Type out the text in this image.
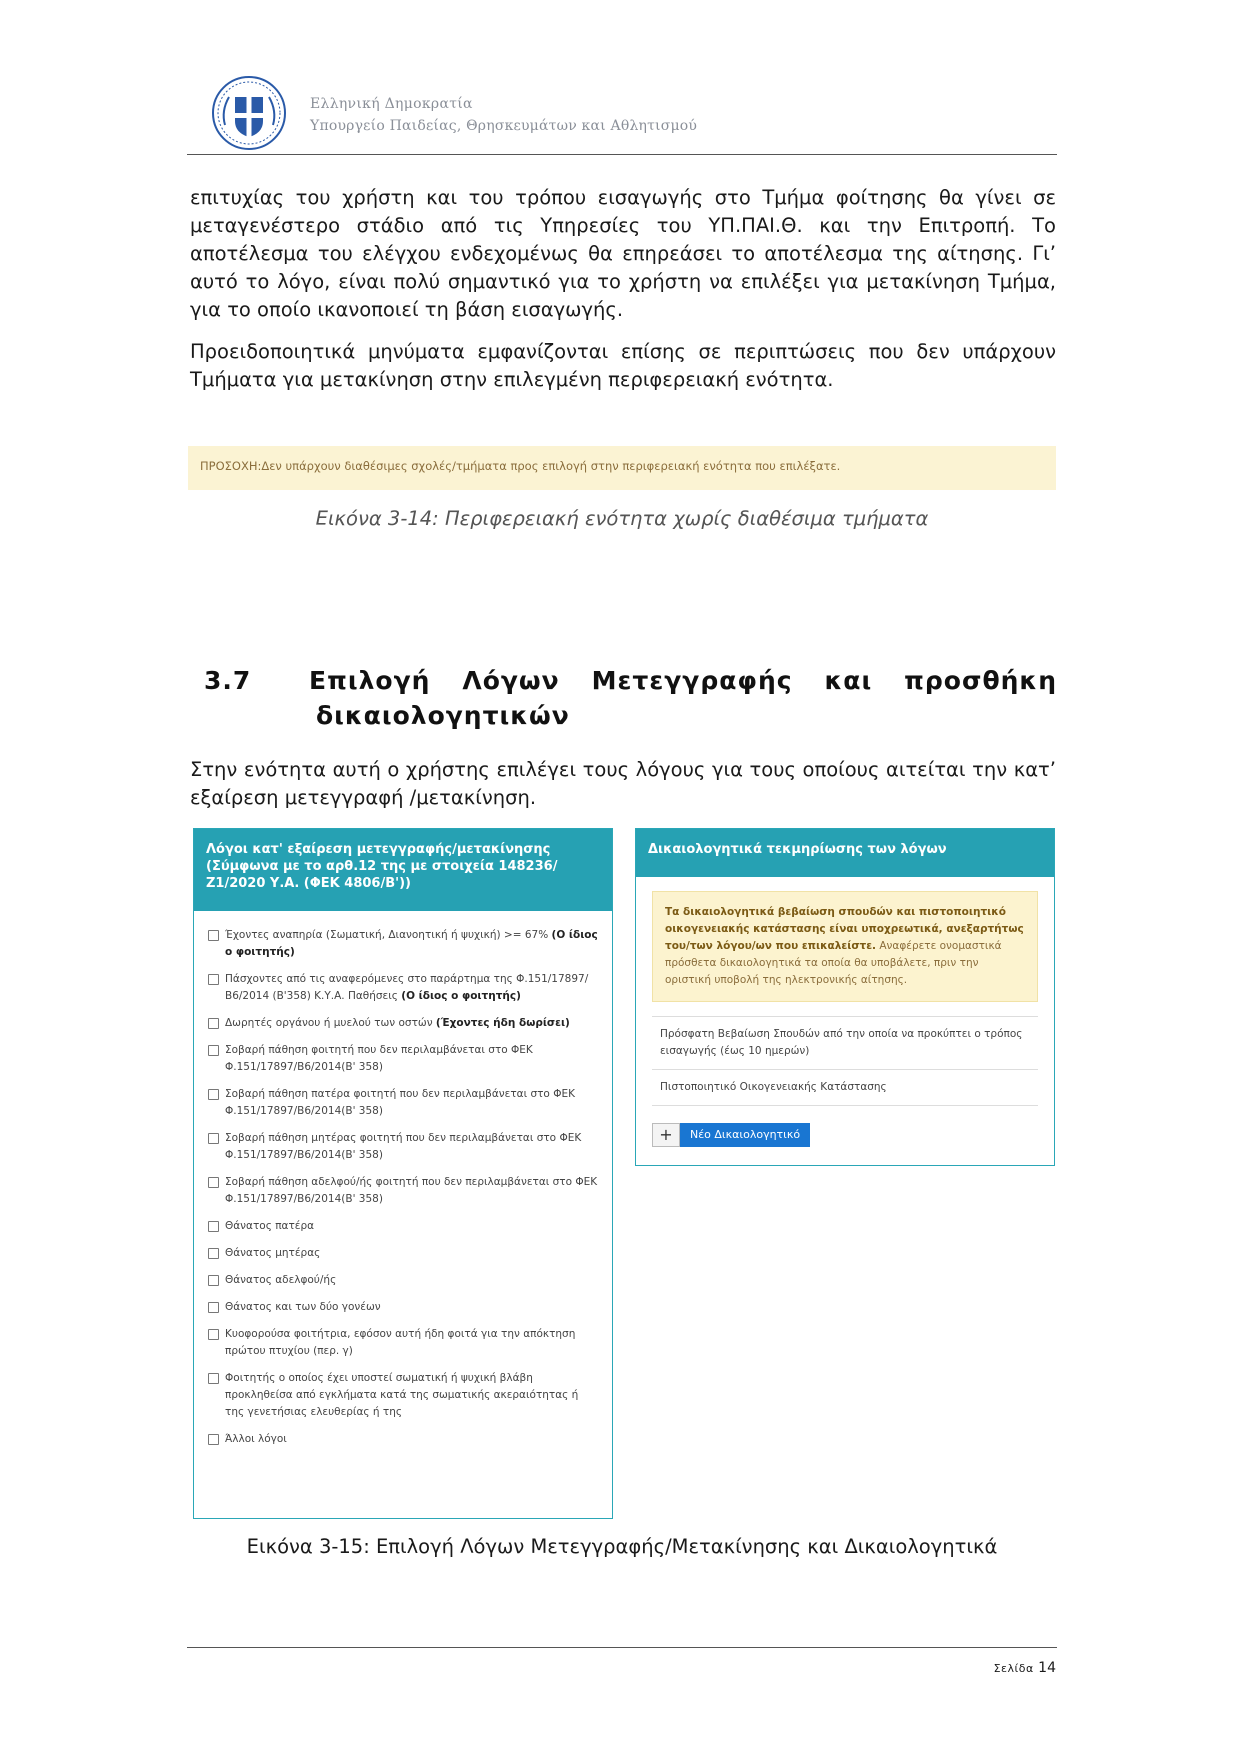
Ελληνική Δημοκρατία
Υπουργείο Παιδείας, Θρησκευμάτων και Αθλητισμού
επιτυχίας του χρήστη και του τρόπου εισαγωγής στο Τμήμα φοίτησης θα γίνει σε μεταγενέστερο στάδιο από τις Υπηρεσίες του ΥΠ.ΠΑΙ.Θ. και την Επιτροπή. Το αποτέλεσμα του ελέγχου ενδεχομένως θα επηρεάσει το αποτέλεσμα της αίτησης. Γι’ αυτό το λόγο, είναι πολύ σημαντικό για το χρήστη να επιλέξει για μετακίνηση Τμήμα, για το οποίο ικανοποιεί τη βάση εισαγωγής.
Προειδοποιητικά μηνύματα εμφανίζονται επίσης σε περιπτώσεις που δεν υπάρχουν Τμήματα για μετακίνηση στην επιλεγμένη περιφερειακή ενότητα.
ΠΡΟΣΟΧΗ:Δεν υπάρχουν διαθέσιμες σχολές/τμήματα προς επιλογή στην περιφερειακή ενότητα που επιλέξατε.
Εικόνα 3-14: Περιφερειακή ενότητα χωρίς διαθέσιμα τμήματα
3.7 Επιλογή Λόγων Μετεγγραφής και προσθήκη
δικαιολογητικών
Στην ενότητα αυτή ο χρήστης επιλέγει τους λόγους για τους οποίους αιτείται την κατ’ εξαίρεση μετεγγραφή /μετακίνηση.
Λόγοι κατ' εξαίρεση μετεγγραφής/μετακίνησης (Σύμφωνα με το αρθ.12 της με στοιχεία 148236/ Ζ1/2020 Υ.Α. (ΦΕΚ 4806/Β'))
Έχοντες αναπηρία (Σωματική, Διανοητική ή ψυχική) >= 67% (Ο ίδιος ο φοιτητής)
Πάσχοντες από τις αναφερόμενες στο παράρτημα της Φ.151/17897/Β6/2014 (Β'358) Κ.Υ.Α. Παθήσεις (Ο ίδιος ο φοιτητής)
Δωρητές οργάνου ή μυελού των οστών (Έχοντες ήδη δωρίσει)
Σοβαρή πάθηση φοιτητή που δεν περιλαμβάνεται στο ΦΕΚ Φ.151/17897/Β6/2014(Β' 358)
Σοβαρή πάθηση πατέρα φοιτητή που δεν περιλαμβάνεται στο ΦΕΚ Φ.151/17897/Β6/2014(Β' 358)
Σοβαρή πάθηση μητέρας φοιτητή που δεν περιλαμβάνεται στο ΦΕΚ Φ.151/17897/Β6/2014(Β' 358)
Σοβαρή πάθηση αδελφού/ής φοιτητή που δεν περιλαμβάνεται στο ΦΕΚ Φ.151/17897/Β6/2014(Β' 358)
Θάνατος πατέρα
Θάνατος μητέρας
Θάνατος αδελφού/ής
Θάνατος και των δύο γονέων
Κυοφορούσα φοιτήτρια, εφόσον αυτή ήδη φοιτά για την απόκτηση πρώτου πτυχίου (περ. γ)
Φοιτητής ο οποίος έχει υποστεί σωματική ή ψυχική βλάβη προκληθείσα από εγκλήματα κατά της σωματικής ακεραιότητας ή της γενετήσιας ελευθερίας ή της
Άλλοι λόγοι
Δικαιολογητικά τεκμηρίωσης των λόγων
Τα δικαιολογητικά βεβαίωση σπουδών και πιστοποιητικό οικογενειακής κατάστασης είναι υποχρεωτικά, ανεξαρτήτως του/των λόγου/ων που επικαλείστε. Αναφέρετε ονομαστικά πρόσθετα δικαιολογητικά τα οποία θα υποβάλετε, πριν την οριστική υποβολή της ηλεκτρονικής αίτησης.
Πρόσφατη Βεβαίωση Σπουδών από την οποία να προκύπτει ο τρόπος εισαγωγής (έως 10 ημερών)
Πιστοποιητικό Οικογενειακής Κατάστασης
+	Νέο Δικαιολογητικό
Εικόνα 3-15: Επιλογή Λόγων Μετεγγραφής/Μετακίνησης και Δικαιολογητικά
Σελίδα 14
